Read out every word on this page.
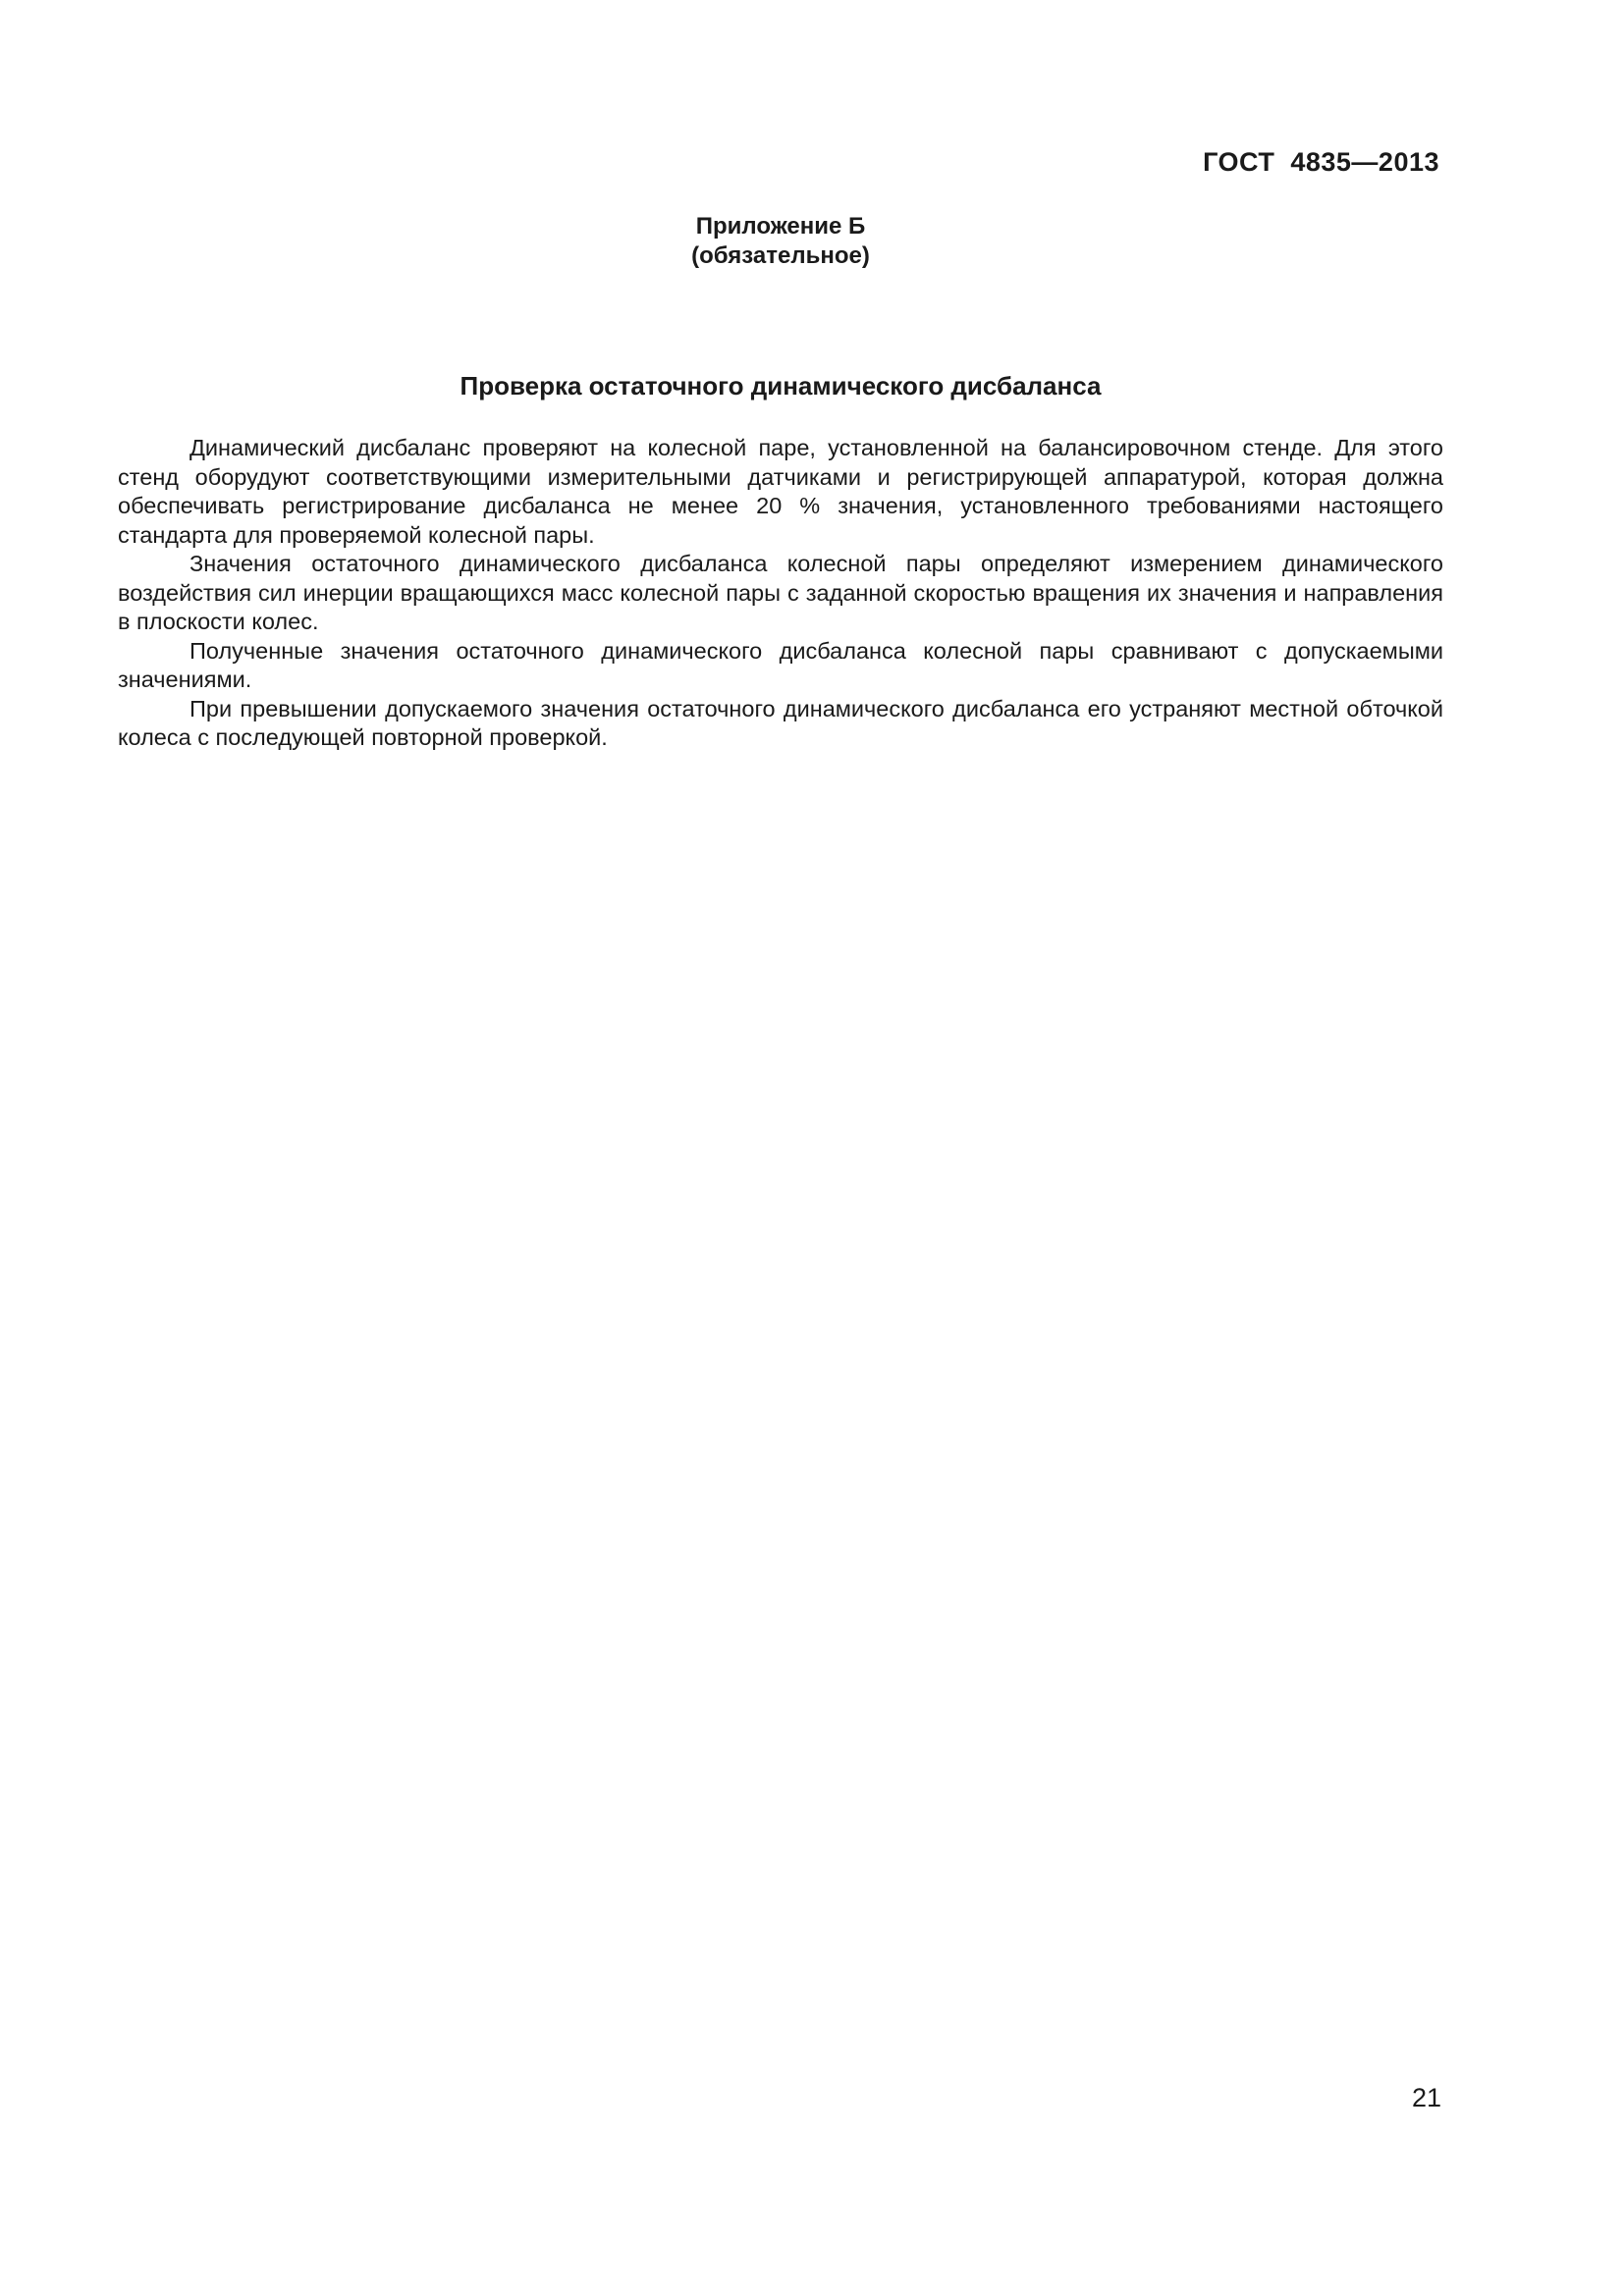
ГОСТ 4835—2013
Приложение Б
(обязательное)
Проверка остаточного динамического дисбаланса

Динамический дисбаланс проверяют на колесной паре, установленной на балансировочном стенде. Для этого стенд оборудуют соответствующими измерительными датчиками и регистрирующей аппаратурой, которая должна обеспечивать регистрирование дисбаланса не менее 20 % значения, установленного требованиями настоящего стандарта для проверяемой колесной пары.

Значения остаточного динамического дисбаланса колесной пары определяют измерением динамического воздействия сил инерции вращающихся масс колесной пары с заданной скоростью вращения их значения и направления в плоскости колес.

Полученные значения остаточного динамического дисбаланса колесной пары сравнивают с допускаемыми значениями.

При превышении допускаемого значения остаточного динамического дисбаланса его устраняют местной обточкой колеса с последующей повторной проверкой.

21
